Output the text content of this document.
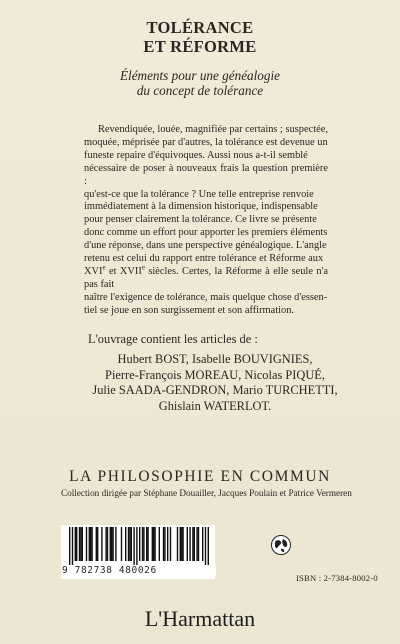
TOLÉRANCE
ET RÉFORME
Éléments pour une généalogie
du concept de tolérance
Revendiquée, louée, magnifiée par certains ; suspectée,
moquée, méprisée par d'autres, la tolérance est devenue un
funeste repaire d'équivoques. Aussi nous a-t-il semblé
nécessaire de poser à nouveaux frais la question première :
qu'est-ce que la tolérance ? Une telle entreprise renvoie
immédiatement à la dimension historique, indispensable
pour penser clairement la tolérance. Ce livre se présente
donc comme un effort pour apporter les premiers éléments
d'une réponse, dans une perspective généalogique. L'angle
retenu est celui du rapport entre tolérance et Réforme aux
XVIe et XVIIe siècles. Certes, la Réforme à elle seule n'a pas fait
naître l'exigence de tolérance, mais quelque chose d'essen-
tiel se joue en son surgissement et son affirmation.
L'ouvrage contient les articles de :
Hubert BOST, Isabelle BOUVIGNIES,
Pierre-François MOREAU, Nicolas PIQUÉ,
Julie SAADA-GENDRON, Mario TURCHETTI,
Ghislain WATERLOT.
LA PHILOSOPHIE EN COMMUN
Collection dirigée par Stéphane Douailler, Jacques Poulain et Patrice Vermeren
9 782738 480026
ISBN : 2-7384-8002-0
L'Harmattan
